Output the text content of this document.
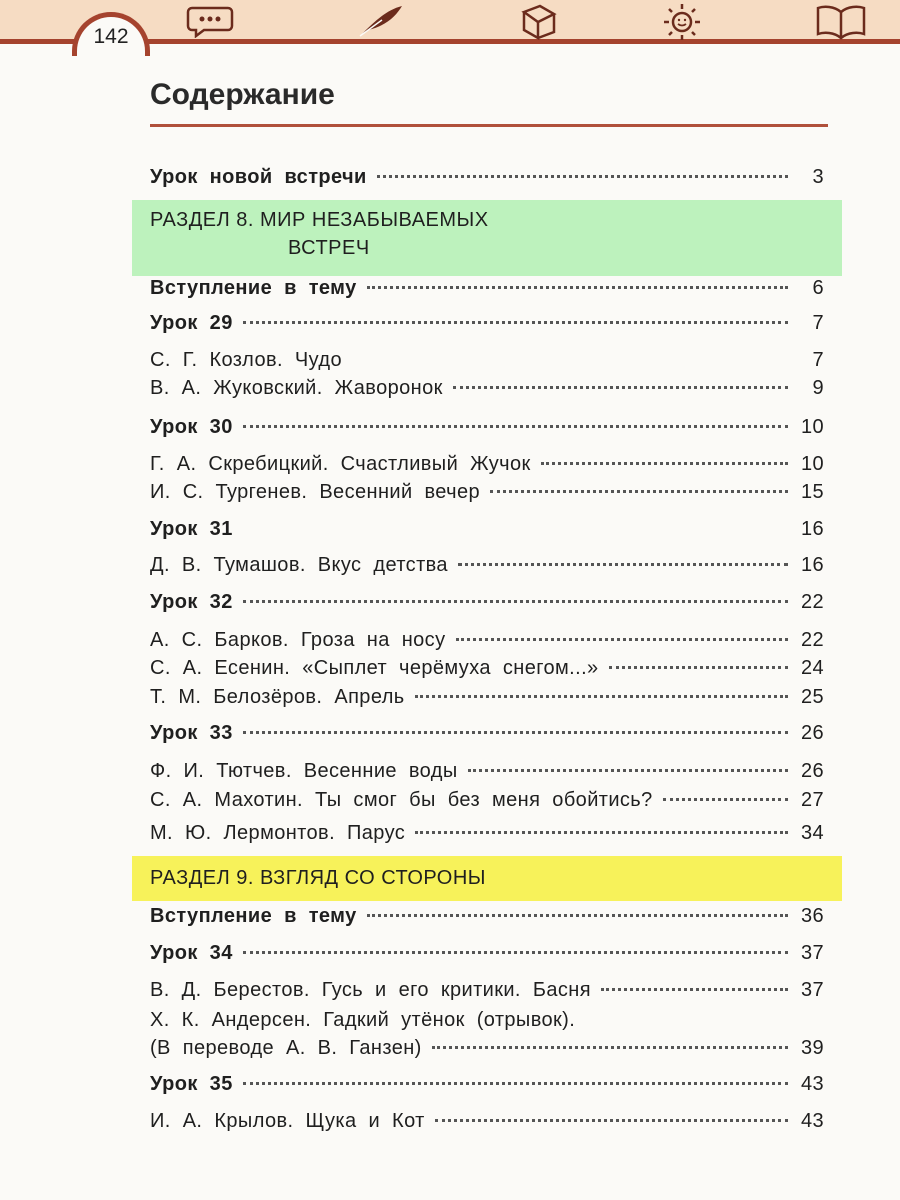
142
Содержание
РАЗДЕЛ 8. МИР НЕЗАБЫВАЕМЫХ
ВСТРЕЧ
РАЗДЕЛ 9. ВЗГЛЯД СО СТОРОНЫ
Урок новой встречи	3
Вступление в тему	6
Урок 29	7
С. Г. Козлов. Чудо	7
В. А. Жуковский. Жаворонок	9
Урок 30	10
Г. А. Скребицкий. Счастливый Жучок	10
И. С. Тургенев. Весенний вечер	15
Урок 31	16
Д. В. Тумашов. Вкус детства	16
Урок 32	22
А. С. Барков. Гроза на носу	22
С. А. Есенин. «Сыплет черёмуха снегом...»	24
Т. М. Белозёров. Апрель	25
Урок 33	26
Ф. И. Тютчев. Весенние воды	26
С. А. Махотин. Ты смог бы без меня обойтись?	27
М. Ю. Лермонтов. Парус	34
Вступление в тему	36
Урок 34	37
В. Д. Берестов. Гусь и его критики. Басня	37
Х. К. Андерсен. Гадкий утёнок (отрывок).
(В переводе А. В. Ганзен)	39
Урок 35	43
И. А. Крылов. Щука и Кот	43
